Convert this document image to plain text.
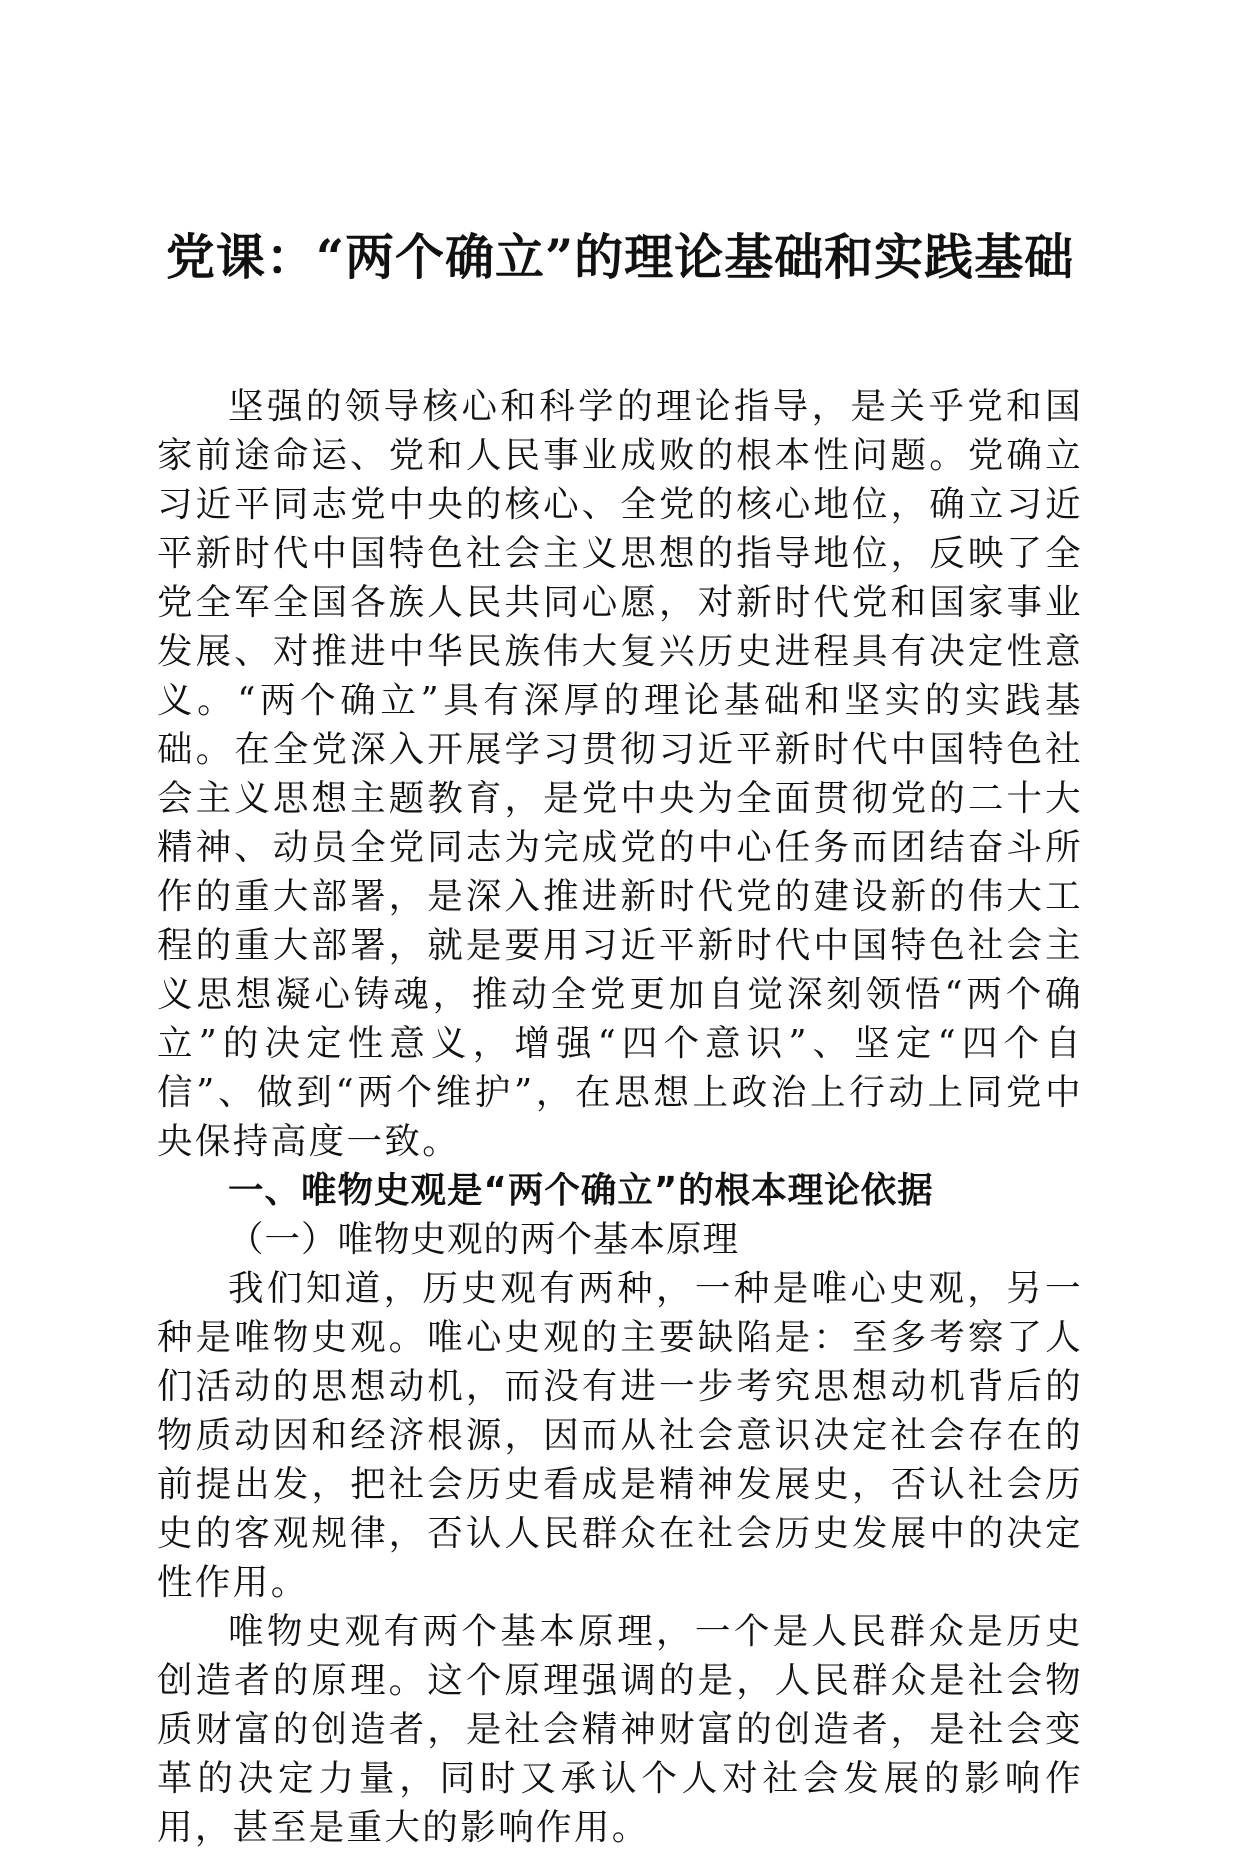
党课：“两个确立”的理论基础和实践基础

坚强的领导核心和科学的理论指导，是关乎党和国家前途命运、党和人民事业成败的根本性问题。党确立习近平同志党中央的核心、全党的核心地位，确立习近平新时代中国特色社会主义思想的指导地位，反映了全党全军全国各族人民共同心愿，对新时代党和国家事业发展、对推进中华民族伟大复兴历史进程具有决定性意义。“两个确立”具有深厚的理论基础和坚实的实践基础。在全党深入开展学习贯彻习近平新时代中国特色社会主义思想主题教育，是党中央为全面贯彻党的二十大精神、动员全党同志为完成党的中心任务而团结奋斗所作的重大部署，是深入推进新时代党的建设新的伟大工程的重大部署，就是要用习近平新时代中国特色社会主义思想凝心铸魂，推动全党更加自觉深刻领悟“两个确立”的决定性意义，增强“四个意识”、坚定“四个自信”、做到“两个维护”，在思想上政治上行动上同党中央保持高度一致。

一、唯物史观是“两个确立”的根本理论依据

（一）唯物史观的两个基本原理

我们知道，历史观有两种，一种是唯心史观，另一种是唯物史观。唯心史观的主要缺陷是：至多考察了人们活动的思想动机，而没有进一步考究思想动机背后的物质动因和经济根源，因而从社会意识决定社会存在的前提出发，把社会历史看成是精神发展史，否认社会历史的客观规律，否认人民群众在社会历史发展中的决定性作用。

唯物史观有两个基本原理，一个是人民群众是历史创造者的原理。这个原理强调的是，人民群众是社会物质财富的创造者，是社会精神财富的创造者，是社会变革的决定力量，同时又承认个人对社会发展的影响作用，甚至是重大的影响作用。
